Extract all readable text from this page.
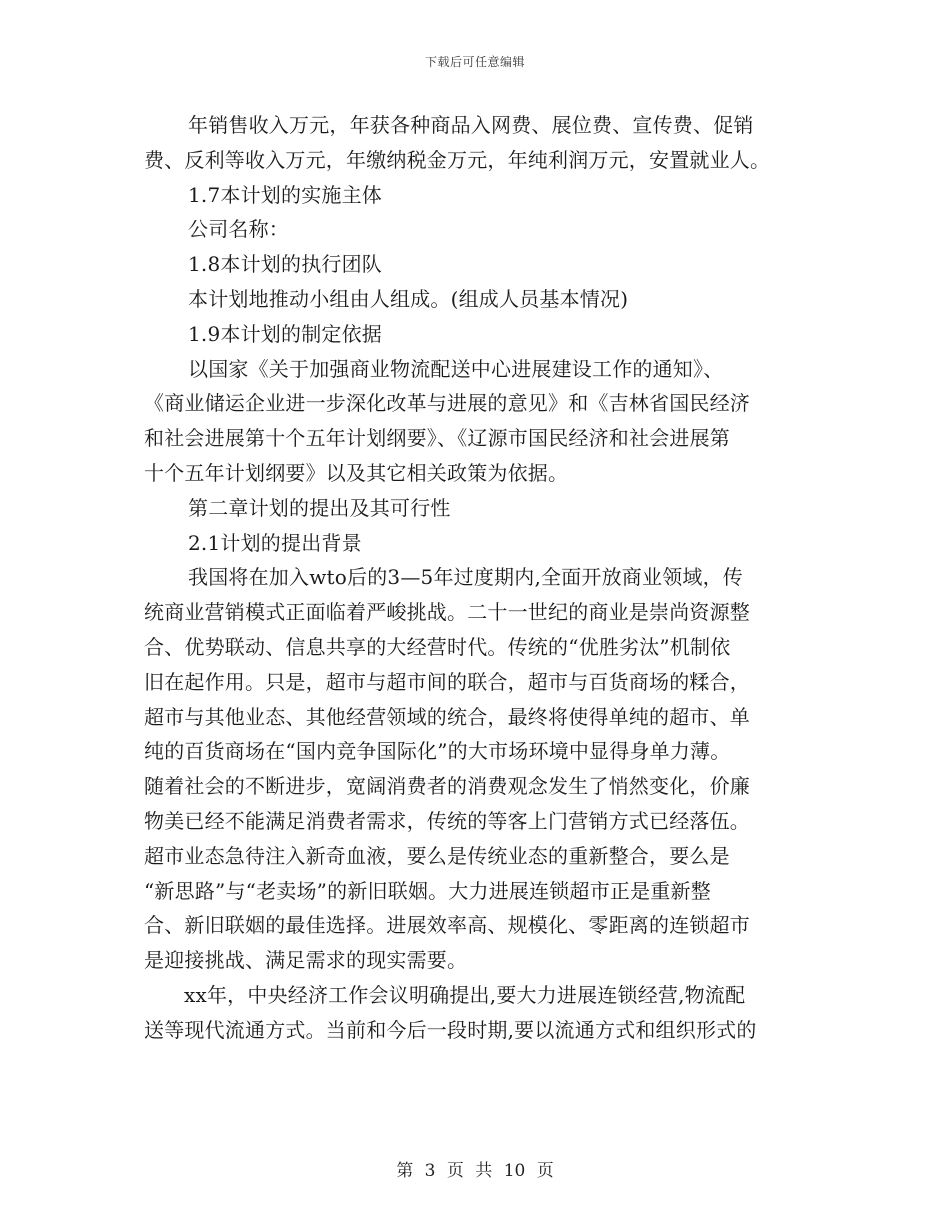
下载后可任意编辑
年销售收入万元，年获各种商品入网费、展位费、宣传费、促销
费、反利等收入万元，年缴纳税金万元，年纯利润万元，安置就业人。
1.7本计划的实施主体
公司名称：
1.8本计划的执行团队
本计划地推动小组由人组成。(组成人员基本情况)
1.9本计划的制定依据
以国家《关于加强商业物流配送中心进展建设工作的通知》、
《商业储运企业进一步深化改革与进展的意见》和《吉林省国民经济
和社会进展第十个五年计划纲要》、《辽源市国民经济和社会进展第
十个五年计划纲要》以及其它相关政策为依据。
第二章计划的提出及其可行性
2.1计划的提出背景
我国将在加入wto后的3—5年过度期内,全面开放商业领域，传
统商业营销模式正面临着严峻挑战。二十一世纪的商业是崇尚资源整
合、优势联动、信息共享的大经营时代。传统的“优胜劣汰”机制依
旧在起作用。只是，超市与超市间的联合，超市与百货商场的糅合，
超市与其他业态、其他经营领域的统合，最终将使得单纯的超市、单
纯的百货商场在“国内竞争国际化”的大市场环境中显得身单力薄。
随着社会的不断进步，宽阔消费者的消费观念发生了悄然变化，价廉
物美已经不能满足消费者需求，传统的等客上门营销方式已经落伍。
超市业态急待注入新奇血液，要么是传统业态的重新整合，要么是
“新思路”与“老卖场”的新旧联姻。大力进展连锁超市正是重新整
合、新旧联姻的最佳选择。进展效率高、规模化、零距离的连锁超市
是迎接挑战、满足需求的现实需要。
xx年，中央经济工作会议明确提出,要大力进展连锁经营,物流配
送等现代流通方式。当前和今后一段时期,要以流通方式和组织形式的
第 3 页 共 10 页
